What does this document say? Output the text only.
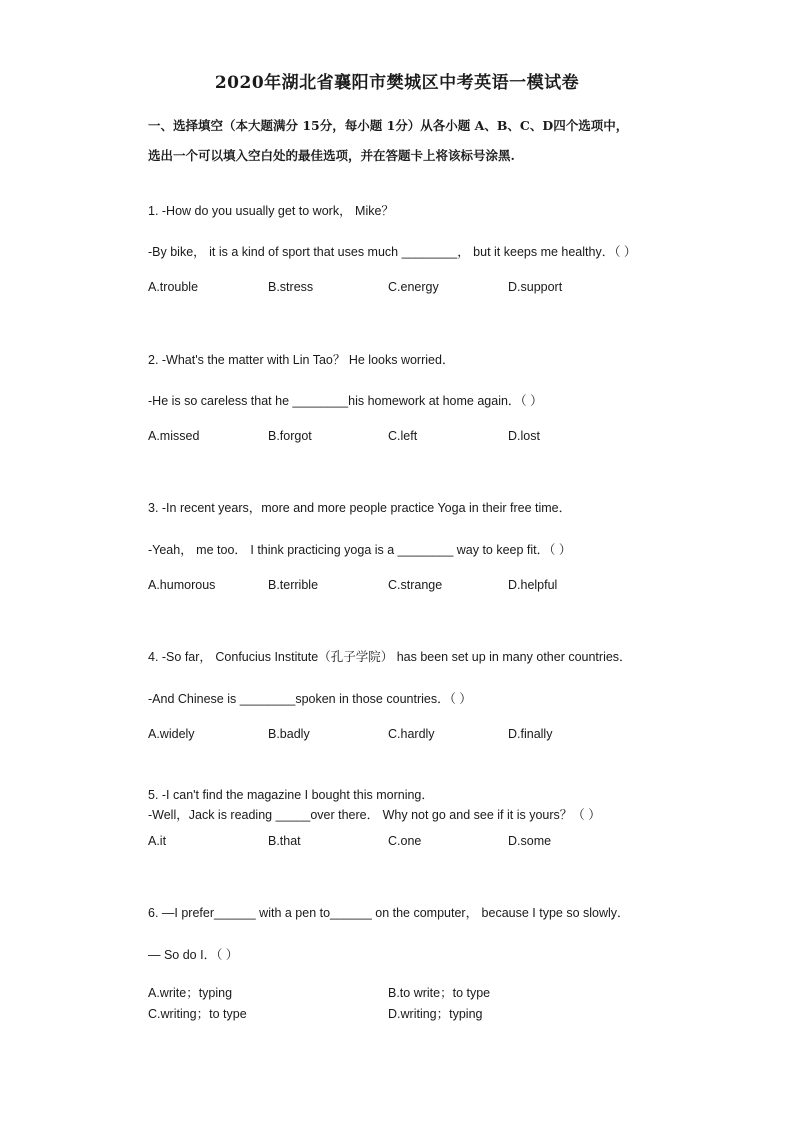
2020年湖北省襄阳市樊城区中考英语一模试卷
一、选择填空（本大题满分 15分，每小题 1分）从各小题 A、B、C、D四个选项中，
选出一个可以填入空白处的最佳选项，并在答题卡上将该标号涂黑.
1. -How do you usually get to work， Mike？
-By bike， it is a kind of sport that uses much ________， but it keeps me healthy．（ ）
A.trouble	B.stress	C.energy	D.support
2. -What's the matter with Lin Tao？ He looks worried．
-He is so careless that he ________his homework at home again．（ ）
A.missed	B.forgot	C.left	D.lost
3. -In recent years，more and more people practice Yoga in their free time．
-Yeah， me too． I think practicing yoga is a ________ way to keep fit．（ ）
A.humorous	B.terrible	C.strange	D.helpful
4. -So far， Confucius Institute（孔子学院） has been set up in many other countries．
-And Chinese is ________spoken in those countries．（ ）
A.widely	B.badly	C.hardly	D.finally
5. -I can't find the magazine I bought this morning．
-Well，Jack is reading _____over there． Why not go and see if it is yours？（ ）
A.it	B.that	C.one	D.some
6. —I prefer______ with a pen to______ on the computer， because I type so slowly．
— So do I．（ ）
A.write；typing	B.to write；to type
C.writing；to type	D.writing；typing
